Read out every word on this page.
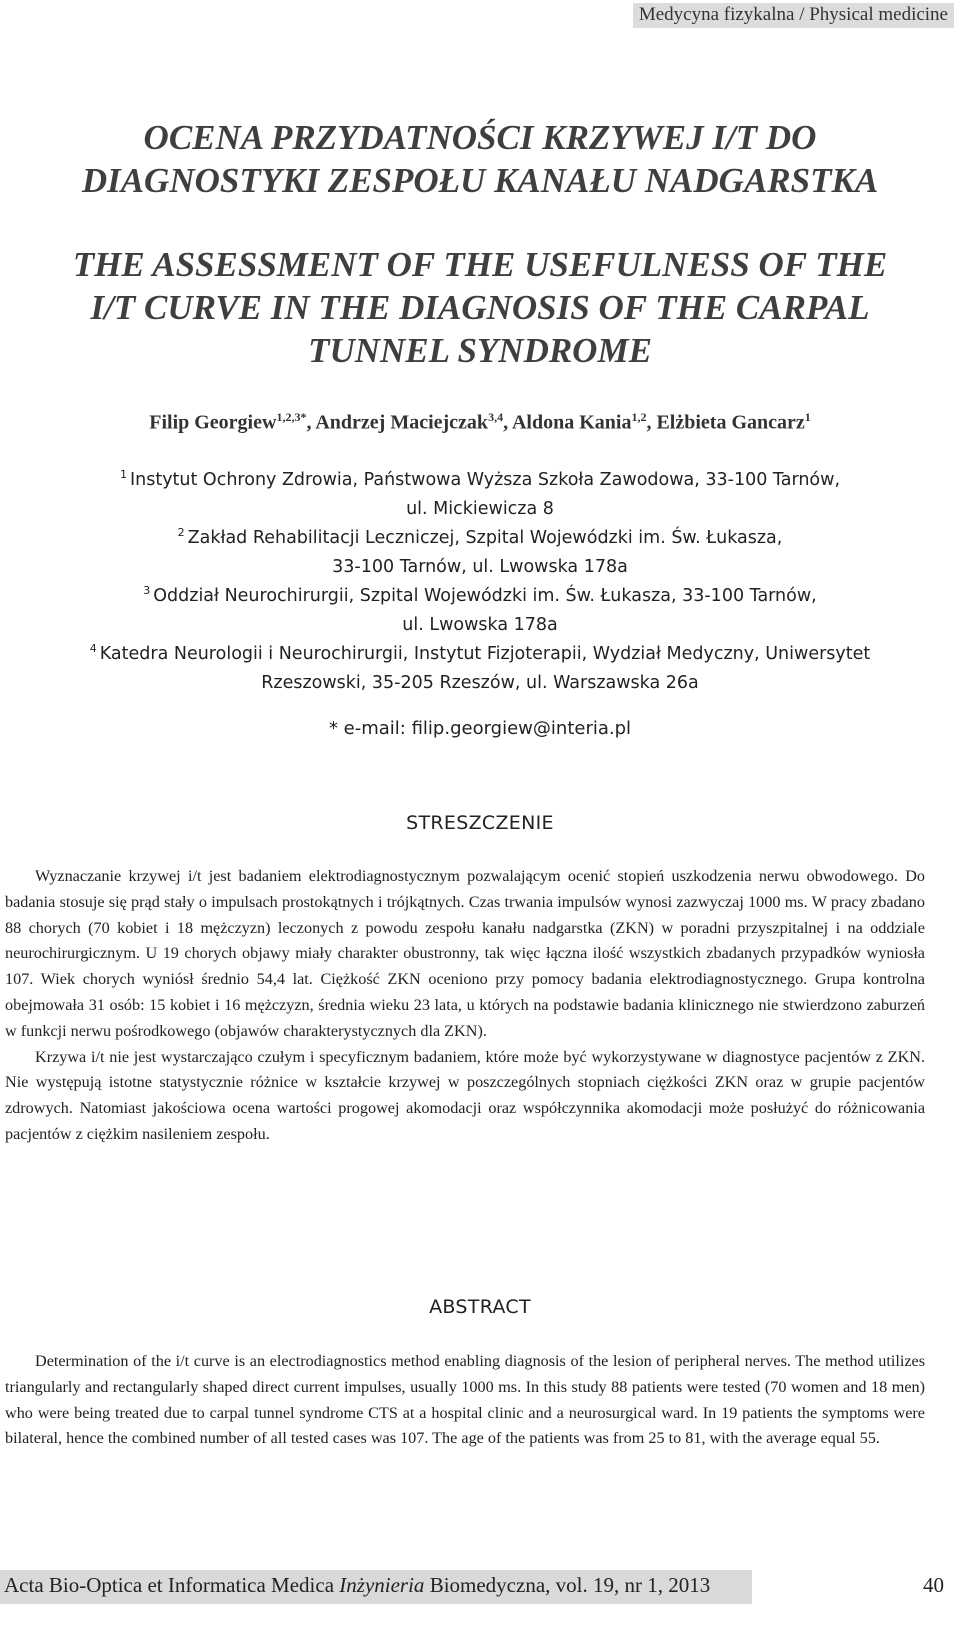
Medycyna fizykalna / Physical medicine
OCENA PRZYDATNOŚCI KRZYWEJ I/T DO
DIAGNOSTYKI ZESPOŁU KANAŁU NADGARSTKA
THE ASSESSMENT OF THE USEFULNESS OF THE
I/T CURVE IN THE DIAGNOSIS OF THE CARPAL
TUNNEL SYNDROME
Filip Georgiew$^{1,2,3*}$, Andrzej Maciejczak$^{3,4}$, Aldona Kania$^{1,2}$, Elżbieta Gancarz$^1$
$^1$ Instytut Ochrony Zdrowia, Państwowa Wyższa Szkoła Zawodowa, 33-100 Tarnów,
ul. Mickiewicza 8
$^2$ Zakład Rehabilitacji Leczniczej, Szpital Wojewódzki im. Św. Łukasza,
33-100 Tarnów, ul. Lwowska 178a
$^3$ Oddział Neurochirurgii, Szpital Wojewódzki im. Św. Łukasza, 33-100 Tarnów,
ul. Lwowska 178a
$^4$ Katedra Neurologii i Neurochirurgii, Instytut Fizjoterapii, Wydział Medyczny, Uniwersytet
Rzeszowski, 35-205 Rzeszów, ul. Warszawska 26a
* e-mail: filip.georgiew@interia.pl
STRESZCZENIE

Wyznaczanie krzywej i/t jest badaniem elektrodiagnostycznym pozwalającym ocenić stopień uszkodzenia nerwu obwodowego. Do badania stosuje się prąd stały o impulsach prostokątnych i trójkątnych. Czas trwania impulsów wynosi zazwyczaj 1000 ms. W pracy zbadano 88 chorych (70 kobiet i 18 mężczyzn) leczonych z powodu zespołu kanału nadgarstka (ZKN) w poradni przyszpitalnej i na oddziale neurochirurgicznym. U 19 chorych objawy miały charakter obustronny, tak więc łączna ilość wszystkich zbadanych przypadków wyniosła 107. Wiek chorych wyniósł średnio 54,4 lat. Ciężkość ZKN oceniono przy pomocy badania elektrodiagnostycznego. Grupa kontrolna obejmowała 31 osób: 15 kobiet i 16 mężczyzn, średnia wieku 23 lata, u których na podstawie badania klinicznego nie stwierdzono zaburzeń w funkcji nerwu pośrodkowego (objawów charakterystycznych dla ZKN).

Krzywa i/t nie jest wystarczająco czułym i specyficznym badaniem, które może być wykorzystywane w diagnostyce pacjentów z ZKN. Nie występują istotne statystycznie różnice w kształcie krzywej w poszczególnych stopniach ciężkości ZKN oraz w grupie pacjentów zdrowych. Natomiast jakościowa ocena wartości progowej akomodacji oraz współczynnika akomodacji może posłużyć do różnicowania pacjentów z ciężkim nasileniem zespołu.

ABSTRACT

Determination of the i/t curve is an electrodiagnostics method enabling diagnosis of the lesion of peripheral nerves. The method utilizes triangularly and rectangularly shaped direct current impulses, usually 1000 ms. In this study 88 patients were tested (70 women and 18 men) who were being treated due to carpal tunnel syndrome CTS at a hospital clinic and a neurosurgical ward. In 19 patients the symptoms were bilateral, hence the combined number of all tested cases was 107. The age of the patients was from 25 to 81, with the average equal 55.

Acta Bio-Optica et Informatica Medica Inżynieria Biomedyczna, vol. 19, nr 1, 2013	40
